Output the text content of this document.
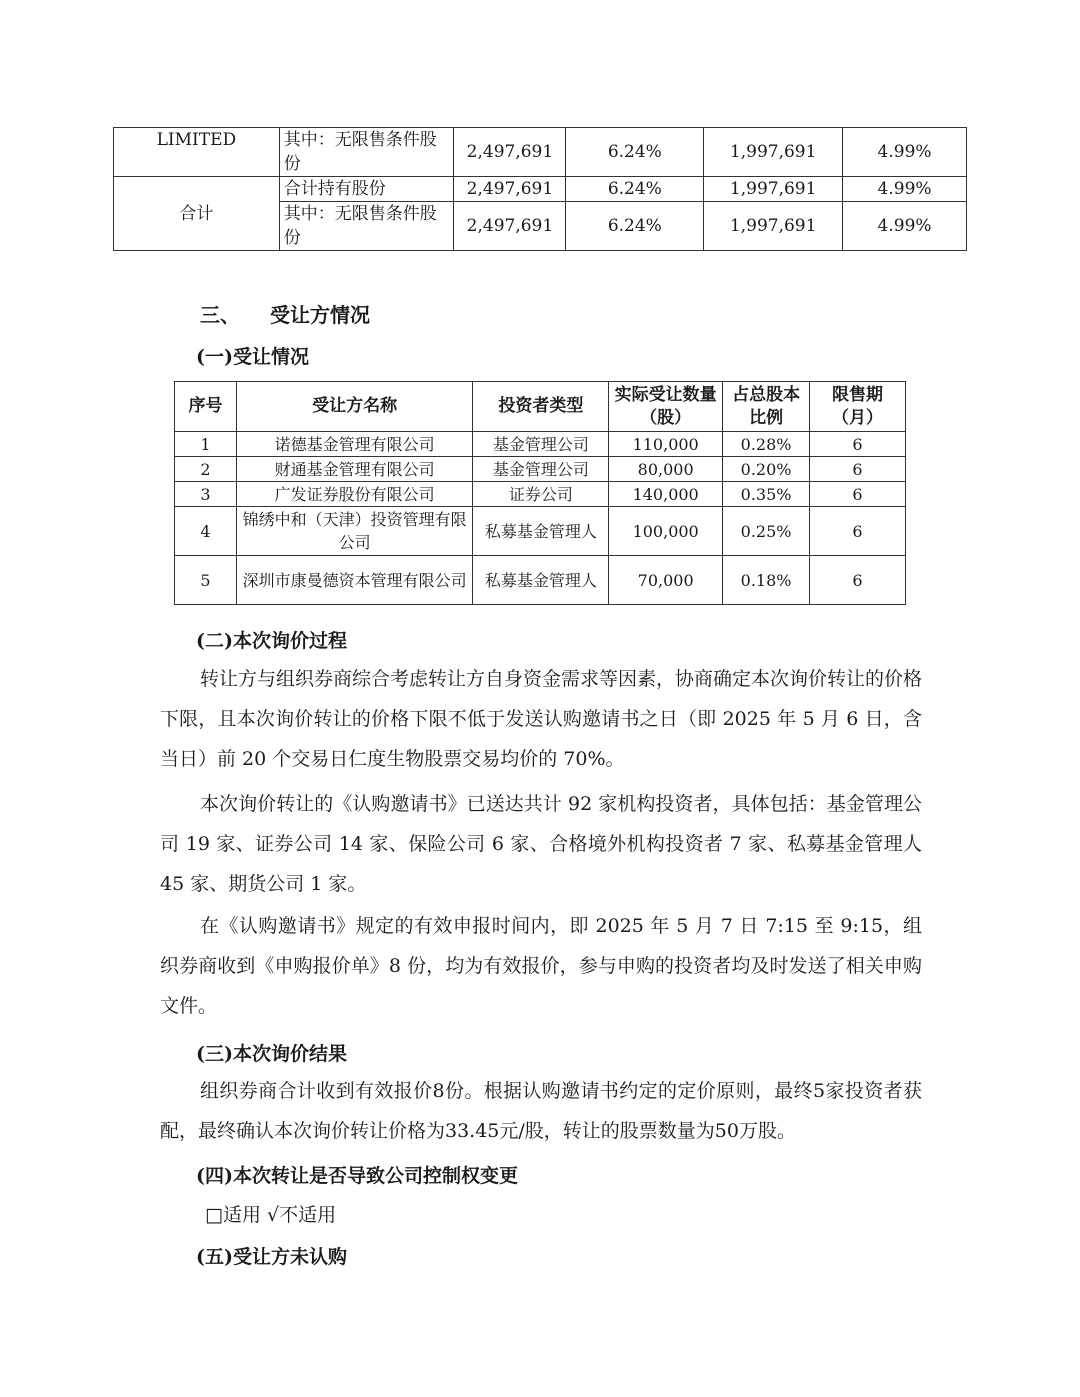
LIMITED	其中：无限售条件股份	2,497,691	6.24%	1,997,691	4.99%
合计	合计持有股份	2,497,691	6.24%	1,997,691	4.99%
	其中：无限售条件股份	2,497,691	6.24%	1,997,691	4.99%
三、 受让方情况
(一)受让情况
序号	受让方名称	投资者类型	实际受让数量（股）	占总股本比例	限售期（月）
1	诺德基金管理有限公司	基金管理公司	110,000	0.28%	6
2	财通基金管理有限公司	基金管理公司	80,000	0.20%	6
3	广发证券股份有限公司	证券公司	140,000	0.35%	6
4	锦绣中和（天津）投资管理有限公司	私募基金管理人	100,000	0.25%	6
5	深圳市康曼德资本管理有限公司	私募基金管理人	70,000	0.18%	6
(二)本次询价过程

转让方与组织券商综合考虑转让方自身资金需求等因素，协商确定本次询价转让的价格下限，且本次询价转让的价格下限不低于发送认购邀请书之日（即 2025 年 5 月 6 日，含当日）前 20 个交易日仁度生物股票交易均价的 70%。

本次询价转让的《认购邀请书》已送达共计 92 家机构投资者，具体包括：基金管理公司 19 家、证券公司 14 家、保险公司 6 家、合格境外机构投资者 7 家、私募基金管理人 45 家、期货公司 1 家。

在《认购邀请书》规定的有效申报时间内，即 2025 年 5 月 7 日 7:15 至 9:15，组织券商收到《申购报价单》8 份，均为有效报价，参与申购的投资者均及时发送了相关申购文件。

(三)本次询价结果

组织券商合计收到有效报价8份。根据认购邀请书约定的定价原则，最终5家投资者获配，最终确认本次询价转让价格为33.45元/股，转让的股票数量为50万股。

(四)本次转让是否导致公司控制权变更
□适用 √不适用
(五)受让方未认购
